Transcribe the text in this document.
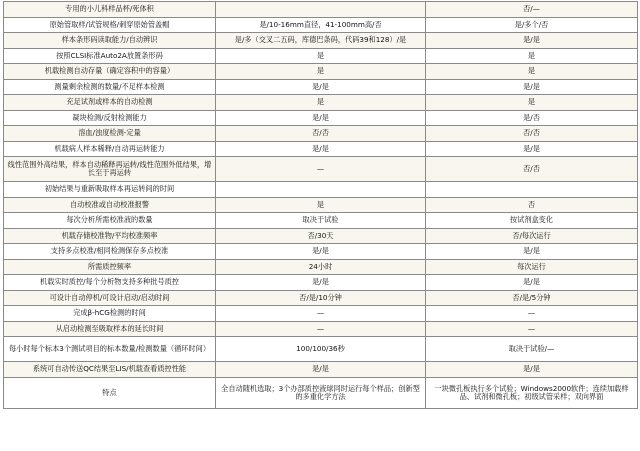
专用的小儿科样品杯/死体积		否/—
原始管取样/试管规格/刺穿原始管盖帽	是/10-16mm直径，41-100mm高/否	是/多个/否
样本条形码读取能力/自动辨识	是/多（交叉二五码，库德巴条码，代码39和128）/是	是/是
按照CLSI标准Auto2A放置条形码	是	是
机载检测自动存量（确定容积中的容量）	是	是
测量剩余检测的数量/不足样本检测	是/是	是/是
充足试剂或样本的自动检测	是	是
凝块检测/反射检测能力	是/是	是/否
溶血/浊度检测-定量	否/否	否/否
机载病人样本稀释/自动再运转能力	是/是	是/是
线性范围外高结果，样本自动稀释再运转/线性范围外低结果，增长至于再运转	—	否/否
初始结果与重新吸取样本再运转间的时间		
自动校准或自动校准报警	是	否
每次分析所需校准液的数量	取决于试验	按试剂盒变化
机载存储校准物/平均校准频率	否/30天	否/每次运行
支持多点校准/相同检测保存多点校准	是/是	是/是
所需质控频率	24小时	每次运行
机载实时质控/每个分析物支持多种批号质控	是/是	是/是
可设计自动停机/可设计启动/启动时间	否/是/10分钟	否/是/5分钟
完成β-hCG检测的时间	—	—
从启动检测至吸取样本的延长时间	—	—
每小时每个标本3个测试项目的标本数量/检测数量（循环时间）	100/100/36秒	取决于试验/—
系统可自动传送QC结果至LIS/机载查看质控性能	是/是	是/是
特点	全自动随机选取；3个办部质控液球同时运行每个样品；创新型的多重化学方法	一块微孔板执行多个试验；Windows2000软件；连续加载样品、试剂和微孔板；初级试管采样；双向界面
